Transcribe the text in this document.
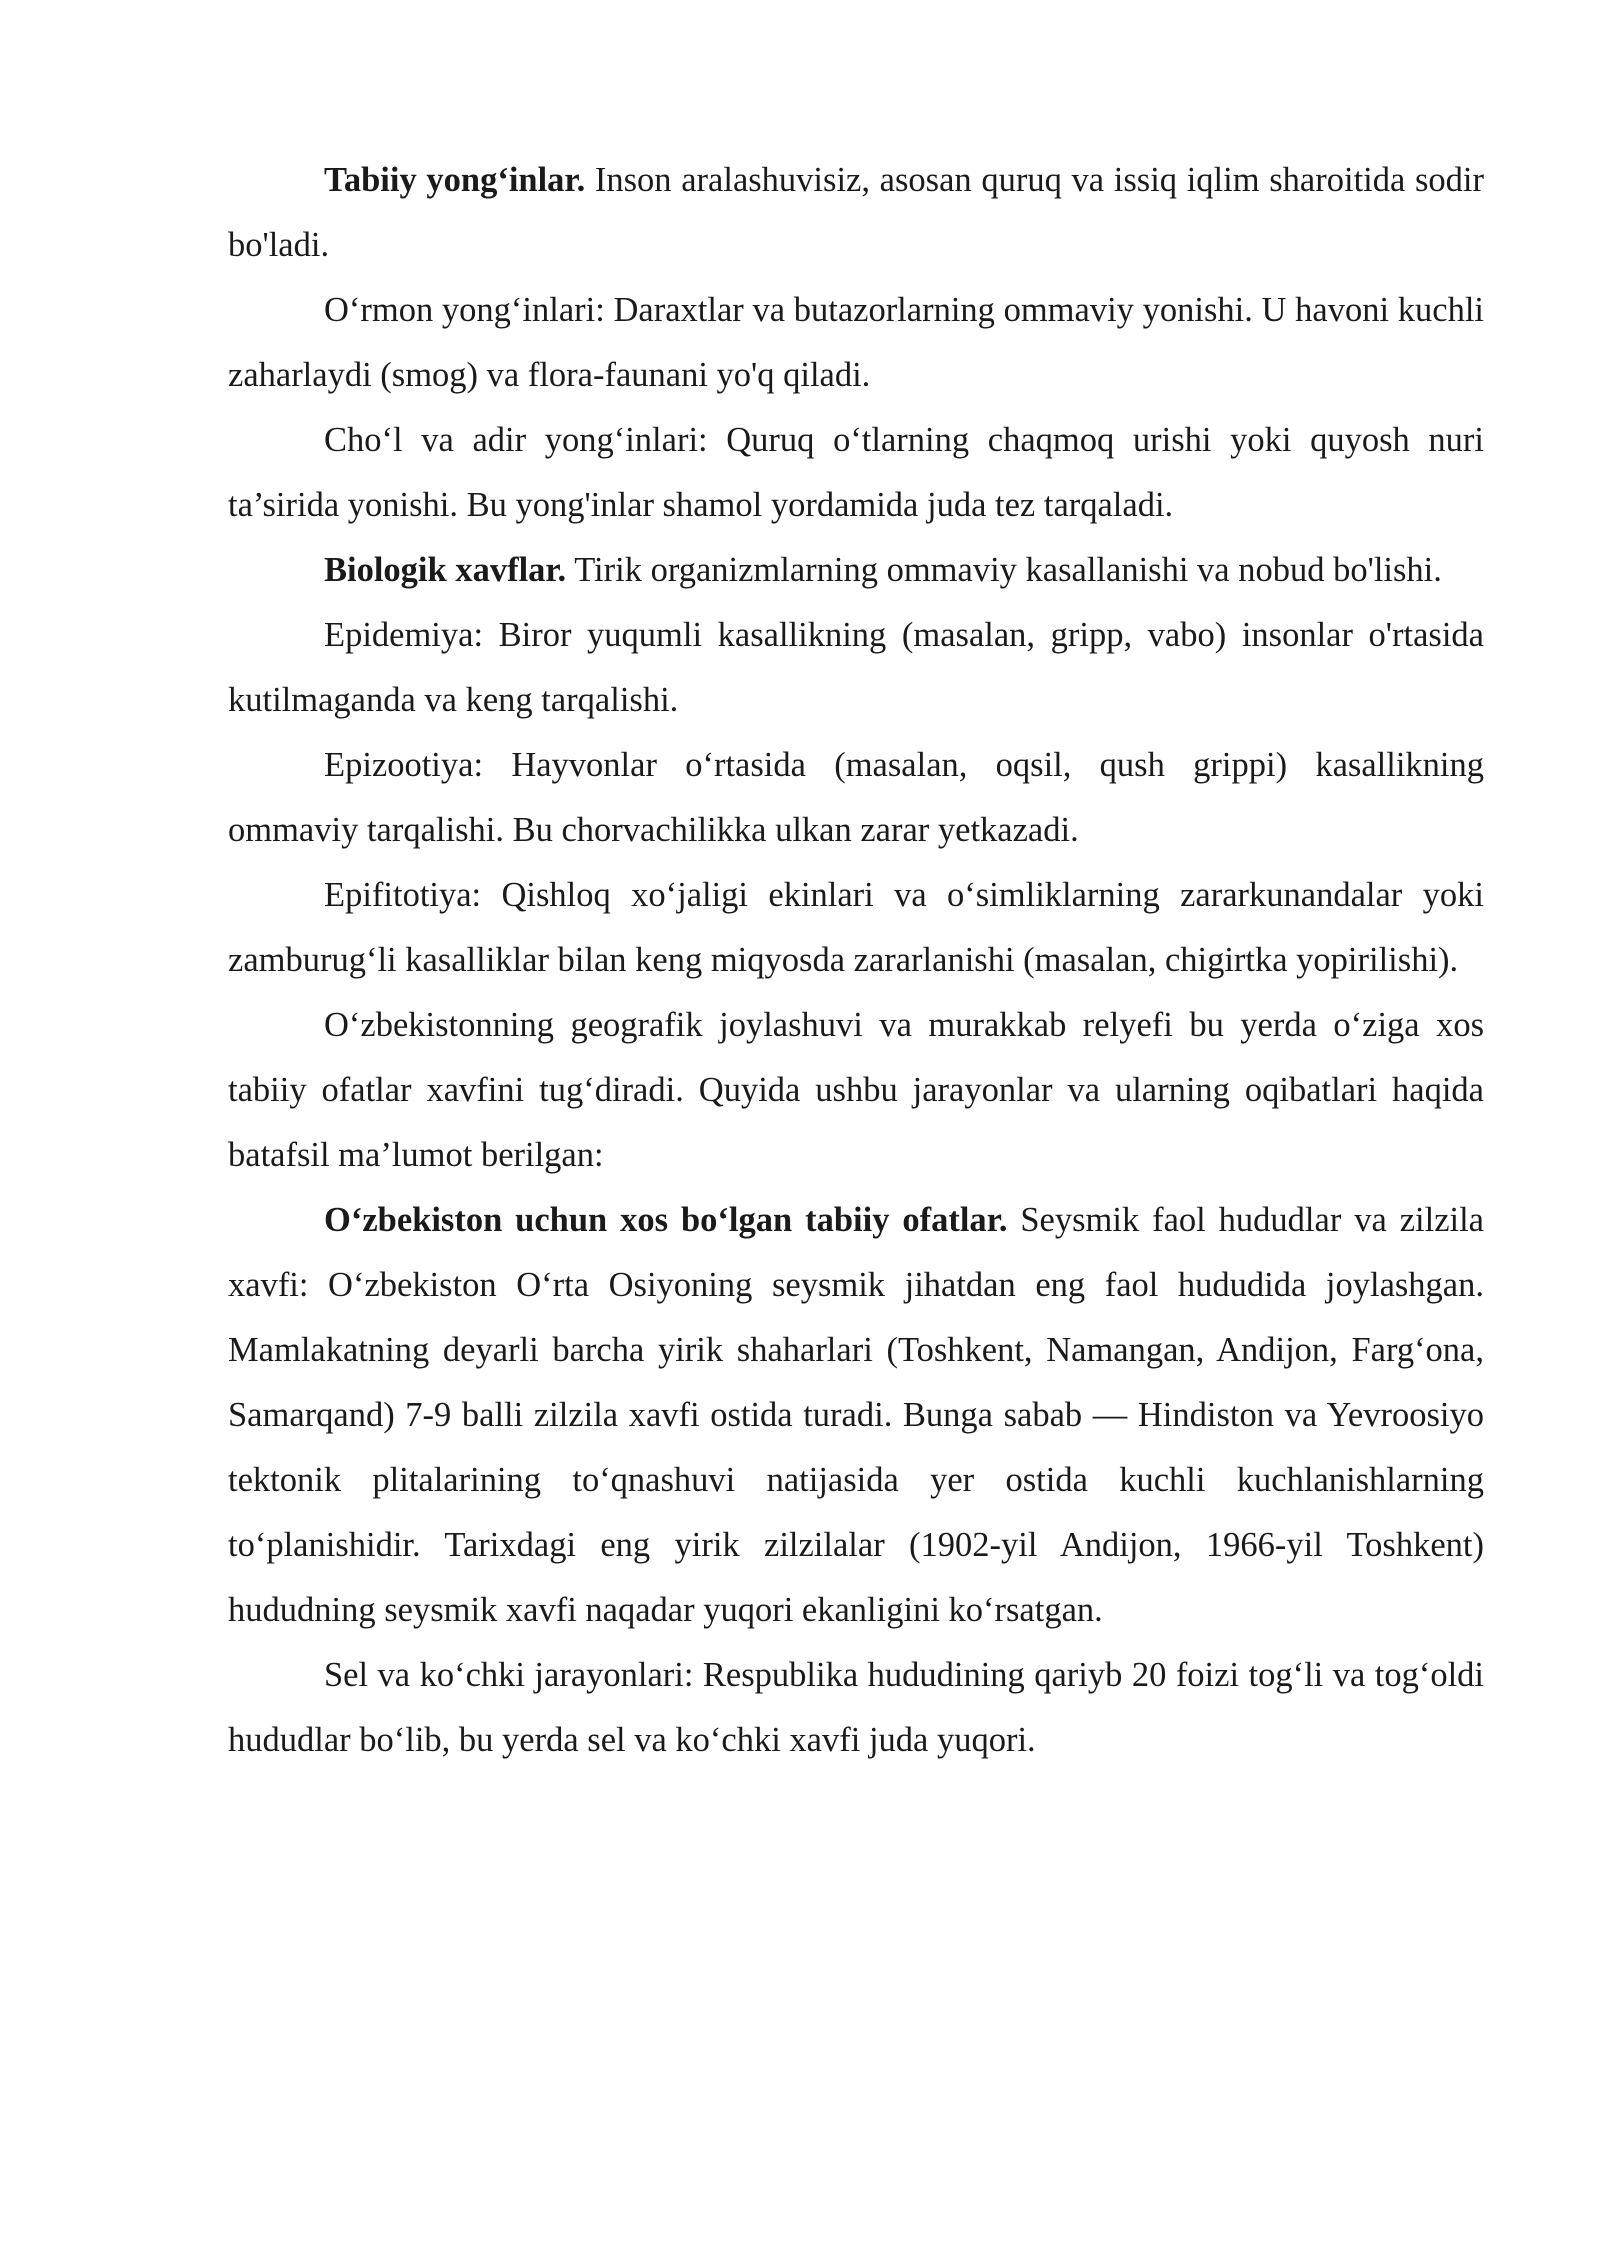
Tabiiy yong‘inlar. Inson aralashuvisiz, asosan quruq va issiq iqlim sharoitida sodir bo'ladi.

O‘rmon yong‘inlari: Daraxtlar va butazorlarning ommaviy yonishi. U havoni kuchli zaharlaydi (smog) va flora-faunani yo'q qiladi.

Cho‘l va adir yong‘inlari: Quruq o‘tlarning chaqmoq urishi yoki quyosh nuri ta’sirida yonishi. Bu yong'inlar shamol yordamida juda tez tarqaladi.

Biologik xavflar. Tirik organizmlarning ommaviy kasallanishi va nobud bo'lishi.

Epidemiya: Biror yuqumli kasallikning (masalan, gripp, vabo) insonlar o'rtasida kutilmaganda va keng tarqalishi.

Epizootiya: Hayvonlar o‘rtasida (masalan, oqsil, qush grippi) kasallikning ommaviy tarqalishi. Bu chorvachilikka ulkan zarar yetkazadi.

Epifitotiya: Qishloq xo‘jaligi ekinlari va o‘simliklarning zararkunandalar yoki zamburug‘li kasalliklar bilan keng miqyosda zararlanishi (masalan, chigirtka yopirilishi).

O‘zbekistonning geografik joylashuvi va murakkab relyefi bu yerda o‘ziga xos tabiiy ofatlar xavfini tug‘diradi. Quyida ushbu jarayonlar va ularning oqibatlari haqida batafsil ma’lumot berilgan:

O‘zbekiston uchun xos bo‘lgan tabiiy ofatlar. Seysmik faol hududlar va zilzila xavfi: O‘zbekiston O‘rta Osiyoning seysmik jihatdan eng faol hududida joylashgan. Mamlakatning deyarli barcha yirik shaharlari (Toshkent, Namangan, Andijon, Farg‘ona, Samarqand) 7-9 balli zilzila xavfi ostida turadi. Bunga sabab — Hindiston va Yevroosiyo tektonik plitalarining to‘qnashuvi natijasida yer ostida kuchli kuchlanishlarning to‘planishidir. Tarixdagi eng yirik zilzilalar (1902-yil Andijon, 1966-yil Toshkent) hududning seysmik xavfi naqadar yuqori ekanligini ko‘rsatgan.

Sel va ko‘chki jarayonlari: Respublika hududining qariyb 20 foizi tog‘li va tog‘oldi hududlar bo‘lib, bu yerda sel va ko‘chki xavfi juda yuqori.
